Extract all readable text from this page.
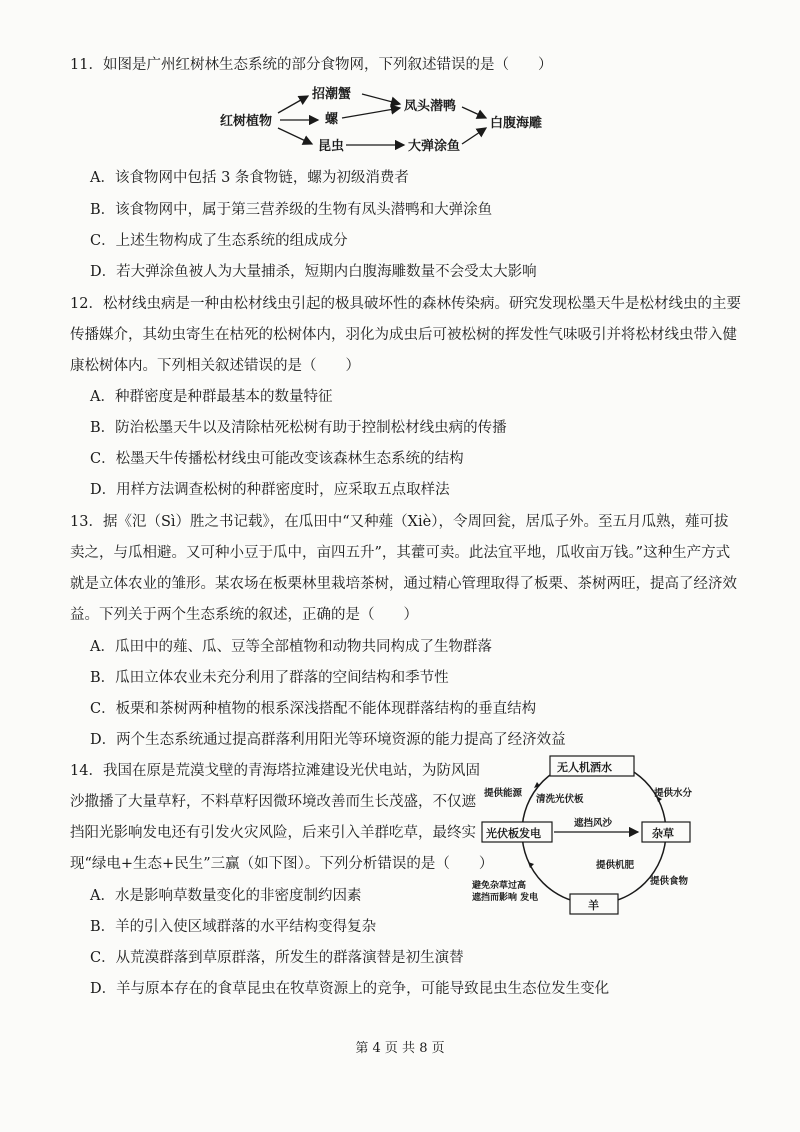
11．如图是广州红树林生态系统的部分食物网，下列叙述错误的是（　　）
红树植物
招潮蟹
螺
昆虫
凤头潜鸭
大弹涂鱼
白腹海雕
A．该食物网中包括 3 条食物链，螺为初级消费者
B．该食物网中，属于第三营养级的生物有凤头潜鸭和大弹涂鱼
C．上述生物构成了生态系统的组成成分
D．若大弹涂鱼被人为大量捕杀，短期内白腹海雕数量不会受太大影响
12．松材线虫病是一种由松材线虫引起的极具破坏性的森林传染病。研究发现松墨天牛是松材线虫的主要
传播媒介，其幼虫寄生在枯死的松树体内，羽化为成虫后可被松树的挥发性气味吸引并将松材线虫带入健
康松树体内。下列相关叙述错误的是（　　）
A．种群密度是种群最基本的数量特征
B．防治松墨天牛以及清除枯死松树有助于控制松材线虫病的传播
C．松墨天牛传播松材线虫可能改变该森林生态系统的结构
D．用样方法调查松树的种群密度时，应采取五点取样法
13．据《氾（Sì）胜之书记载》，在瓜田中“又种薤（Xiè），令周回瓮，居瓜子外。至五月瓜熟，薤可拔
卖之，与瓜相避。又可种小豆于瓜中，亩四五升”，其藿可卖。此法宜平地，瓜收亩万钱。”这种生产方式
就是立体农业的雏形。某农场在板栗林里栽培茶树，通过精心管理取得了板栗、茶树两旺，提高了经济效
益。下列关于两个生态系统的叙述，正确的是（　　）
A．瓜田中的薤、瓜、豆等全部植物和动物共同构成了生物群落
B．瓜田立体农业未充分利用了群落的空间结构和季节性
C．板栗和茶树两种植物的根系深浅搭配不能体现群落结构的垂直结构
D．两个生态系统通过提高群落利用阳光等环境资源的能力提高了经济效益
14．我国在原是荒漠戈壁的青海塔拉滩建设光伏电站，为防风固
沙撒播了大量草籽，不料草籽因微环境改善而生长茂盛，不仅遮
挡阳光影响发电还有引发火灾风险，后来引入羊群吃草，最终实
现“绿电+生态+民生”三赢（如下图）。下列分析错误的是（　　）
无人机洒水
光伏板发电	杂草
羊
提供能源
清洗光伏板
提供水分
遮挡风沙
提供机肥
提供食物
避免杂草过高
遮挡而影响 发电
A．水是影响草数量变化的非密度制约因素
B．羊的引入使区域群落的水平结构变得复杂
C．从荒漠群落到草原群落，所发生的群落演替是初生演替
D．羊与原本存在的食草昆虫在牧草资源上的竞争，可能导致昆虫生态位发生变化
第 4 页 共 8 页
